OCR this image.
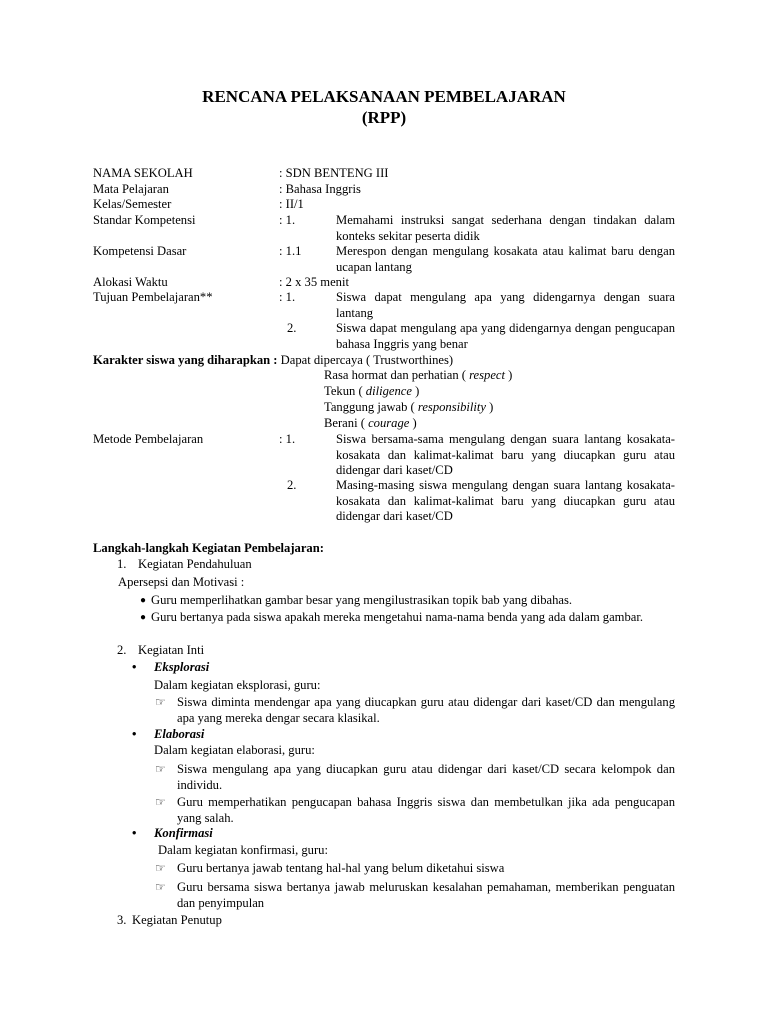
RENCANA PELAKSANAAN PEMBELAJARAN
(RPP)
NAMA SEKOLAH	: SDN BENTENG III
Mata Pelajaran	: Bahasa Inggris
Kelas/Semester	: II/1
Standar Kompetensi	: 1.	Memahami instruksi sangat sederhana dengan tindakan dalam konteks sekitar peserta didik
Kompetensi Dasar	: 1.1	Merespon dengan mengulang kosakata atau kalimat baru dengan ucapan lantang
Alokasi Waktu	: 2 x 35 menit
Tujuan Pembelajaran**	: 1.	Siswa dapat mengulang apa yang didengarnya dengan suara lantang
2.	Siswa dapat mengulang apa yang didengarnya dengan pengucapan bahasa Inggris yang benar
Karakter siswa yang diharapkan : Dapat dipercaya ( Trustworthines)
Rasa hormat dan perhatian ( respect )
Tekun ( diligence )
Tanggung jawab ( responsibility )
Berani ( courage )
Metode Pembelajaran	: 1.	Siswa bersama-sama mengulang dengan suara lantang kosakata-kosakata dan kalimat-kalimat baru yang diucapkan guru atau didengar dari kaset/CD
2.	Masing-masing siswa mengulang dengan suara lantang kosakata-kosakata dan kalimat-kalimat baru yang diucapkan guru atau didengar dari kaset/CD
Langkah-langkah Kegiatan Pembelajaran:
1. Kegiatan Pendahuluan
Apersepsi dan Motivasi :
● Guru memperlihatkan gambar besar yang mengilustrasikan topik bab yang dibahas.
● Guru bertanya pada siswa apakah mereka mengetahui nama-nama benda yang ada dalam gambar.
2. Kegiatan Inti
• Eksplorasi
Dalam kegiatan eksplorasi, guru:
☞ Siswa diminta mendengar apa yang diucapkan guru atau didengar dari kaset/CD dan mengulang apa yang mereka dengar secara klasikal.
• Elaborasi
Dalam kegiatan elaborasi, guru:
☞ Siswa mengulang apa yang diucapkan guru atau didengar dari kaset/CD secara kelompok dan individu.
☞ Guru memperhatikan pengucapan bahasa Inggris siswa dan membetulkan jika ada pengucapan yang salah.
• Konfirmasi
Dalam kegiatan konfirmasi, guru:
☞ Guru bertanya jawab tentang hal-hal yang belum diketahui siswa
☞ Guru bersama siswa bertanya jawab meluruskan kesalahan pemahaman, memberikan penguatan dan penyimpulan
3. Kegiatan Penutup
